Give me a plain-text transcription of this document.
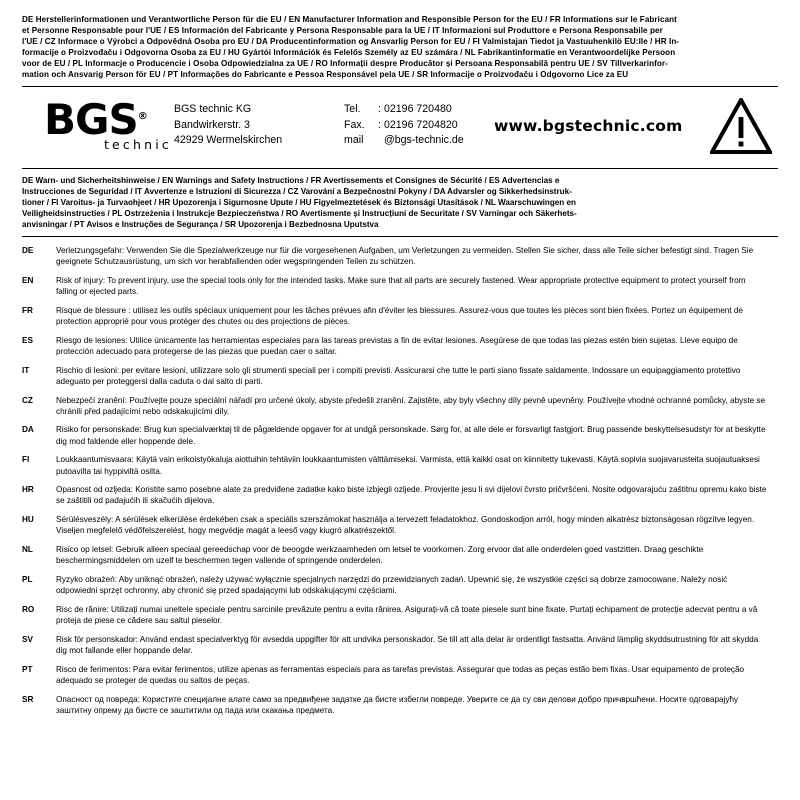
DE Herstellerinformationen und Verantwortliche Person für die EU / EN Manufacturer Information and Responsible Person for the EU / FR Informations sur le Fabricant
et Personne Responsable pour l'UE / ES Información del Fabricante y Persona Responsable para la UE / IT Informazioni sul Produttore e Persona Responsabile per
l'UE / CZ Informace o Výrobci a Odpovědná Osoba pro EU / DA Producentinformation og Ansvarlig Person for EU / FI Valmistajan Tiedot ja Vastuuhenkilö EU:lle / HR In-
formacije o Proizvođaču i Odgovorna Osoba za EU / HU Gyártói Információk és Felelős Személy az EU számára / NL Fabrikantinformatie en Verantwoordelijke Persoon
voor de EU / PL Informacje o Producencie i Osoba Odpowiedzialna za UE / RO Informații despre Producător și Persoana Responsabilă pentru UE / SV Tillverkarinfor-
mation och Ansvarig Person för EU / PT Informações do Fabricante e Pessoa Responsável pela UE / SR Informacije o Proizvođaču i Odgovorno Lice za EU
BGS®
technic
BGS technic KG
Bandwirkerstr. 3
42929 Wermelskirchen
Tel.	: 02196 720480
Fax.	: 02196 7204820
mail	@bgs-technic.de
www.bgstechnic.com
DE Warn- und Sicherheitshinweise / EN Warnings and Safety Instructions / FR Avertissements et Consignes de Sécurité / ES Advertencias e
Instrucciones de Seguridad / IT Avvertenze e Istruzioni di Sicurezza / CZ Varování a Bezpečnostní Pokyny / DA Advarsler og Sikkerhedsinstruk-
tioner / FI Varoitus- ja Turvaohjeet / HR Upozorenja i Sigurnosne Upute / HU Figyelmeztetések és Biztonsági Utasítások / NL Waarschuwingen en
Veiligheidsinstructies / PL Ostrzeżenia i Instrukcje Bezpieczeństwa / RO Avertismente și Instrucțiuni de Securitate / SV Varningar och Säkerhets-
anvisningar / PT Avisos e Instruções de Segurança / SR Upozorenja i Bezbednosna Uputstva
DE	Verletzungsgefahr: Verwenden Sie die Spezialwerkzeuge nur für die vorgesehenen Aufgaben, um Verletzungen zu vermeiden. Stellen Sie sicher, dass alle Teile sicher befestigt sind. Tragen Sie geeignete Schutzausrüstung, um sich vor herabfallenden oder wegspringenden Teilen zu schützen.
EN	Risk of injury: To prevent injury, use the special tools only for the intended tasks. Make sure that all parts are securely fastened. Wear appropriate protective equipment to protect yourself from falling or ejected parts.
FR	Risque de blessure : utilisez les outils spéciaux uniquement pour les tâches prévues afin d'éviter les blessures. Assurez-vous que toutes les pièces sont bien fixées. Portez un équipement de protection approprié pour vous protéger des chutes ou des projections de pièces.
ES	Riesgo de lesiones: Utilice únicamente las herramientas especiales para las tareas previstas a fin de evitar lesiones. Asegúrese de que todas las piezas estén bien sujetas. Lleve equipo de protección adecuado para protegerse de las piezas que puedan caer o saltar.
IT	Rischio di lesioni: per evitare lesioni, utilizzare solo gli strumenti speciali per i compiti previsti. Assicurarsi che tutte le parti siano fissate saldamente. Indossare un equipaggiamento protettivo adeguato per proteggersi dalla caduta o dal salto di parti.
CZ	Nebezpečí zranění: Používejte pouze speciální nářadí pro určené úkoly, abyste předešli zranění. Zajistěte, aby byly všechny díly pevně upevněny. Používejte vhodné ochranné pomůcky, abyste se chránili před padajícími nebo odskakujícími díly.
DA	Risiko for personskade: Brug kun specialværktøj til de pågældende opgaver for at undgå personskade. Sørg for, at alle dele er forsvarligt fastgjort. Brug passende beskyttelsesudstyr for at beskytte dig mod faldende eller hoppende dele.
FI	Loukkaantumisvaara: Käytä vain erikoistyökaluja aiottuihin tehtäviin loukkaantumisten välttämiseksi. Varmista, että kaikki osat on kiinnitetty tukevasti. Käytä sopivia suojavarusteita suojautuaksesi putoavilta tai hyppiviltä osilta.
HR	Opasnost od ozljeda: Koristite samo posebne alate za predviđene zadatke kako biste izbjegli ozljede. Provjerite jesu li svi dijelovi čvrsto pričvršćeni. Nosite odgovarajuću zaštitnu opremu kako biste se zaštitili od padajućih ili skačućih dijelova.
HU	Sérülésveszély: A sérülések elkerülése érdekében csak a speciális szerszámokat használja a tervezett feladatokhoz. Gondoskodjon arról, hogy minden alkatrész biztonságosan rögzítve legyen. Viseljen megfelelő védőfelszerelést, hogy megvédje magát a leeső vagy kiugró alkatrészektől.
NL	Risico op letsel: Gebruik alleen speciaal gereedschap voor de beoogde werkzaamheden om letsel te voorkomen. Zorg ervoor dat alle onderdelen goed vastzitten. Draag geschikte beschermingsmiddelen om uzelf te beschermen tegen vallende of springende onderdelen.
PL	Ryzyko obrażeń: Aby uniknąć obrażeń, należy używać wyłącznie specjalnych narzędzi do przewidzianych zadań. Upewnić się, że wszystkie części są dobrze zamocowane. Należy nosić odpowiedni sprzęt ochronny, aby chronić się przed spadającymi lub odskakującymi częściami.
RO	Risc de rănire: Utilizați numai uneltele speciale pentru sarcinile prevăzute pentru a evita rănirea. Asigurați-vă că toate piesele sunt bine fixate. Purtați echipament de protecție adecvat pentru a vă proteja de piese ce cădere sau saltul pieselor.
SV	Risk för personskador: Använd endast specialverktyg för avsedda uppgifter för att undvika personskador. Se till att alla delar är ordentligt fastsatta. Använd lämplig skyddsutrustning för att skydda dig mot fallande eller hoppande delar.
PT	Risco de ferimentos: Para evitar ferimentos, utilize apenas as ferramentas especiais para as tarefas previstas. Assegurar que todas as peças estão bem fixas. Usar equipamento de proteção adequado se proteger de quedas ou saltos de peças.
SR	Опасност од повреда: Користите специјалне алате само за предвиђене задатке да бисте избегли повреде. Уверите се да су сви делови добро причвршћени. Носите одговарајућу заштитну опрему да бисте се заштитили од пада или скакања предмета.
